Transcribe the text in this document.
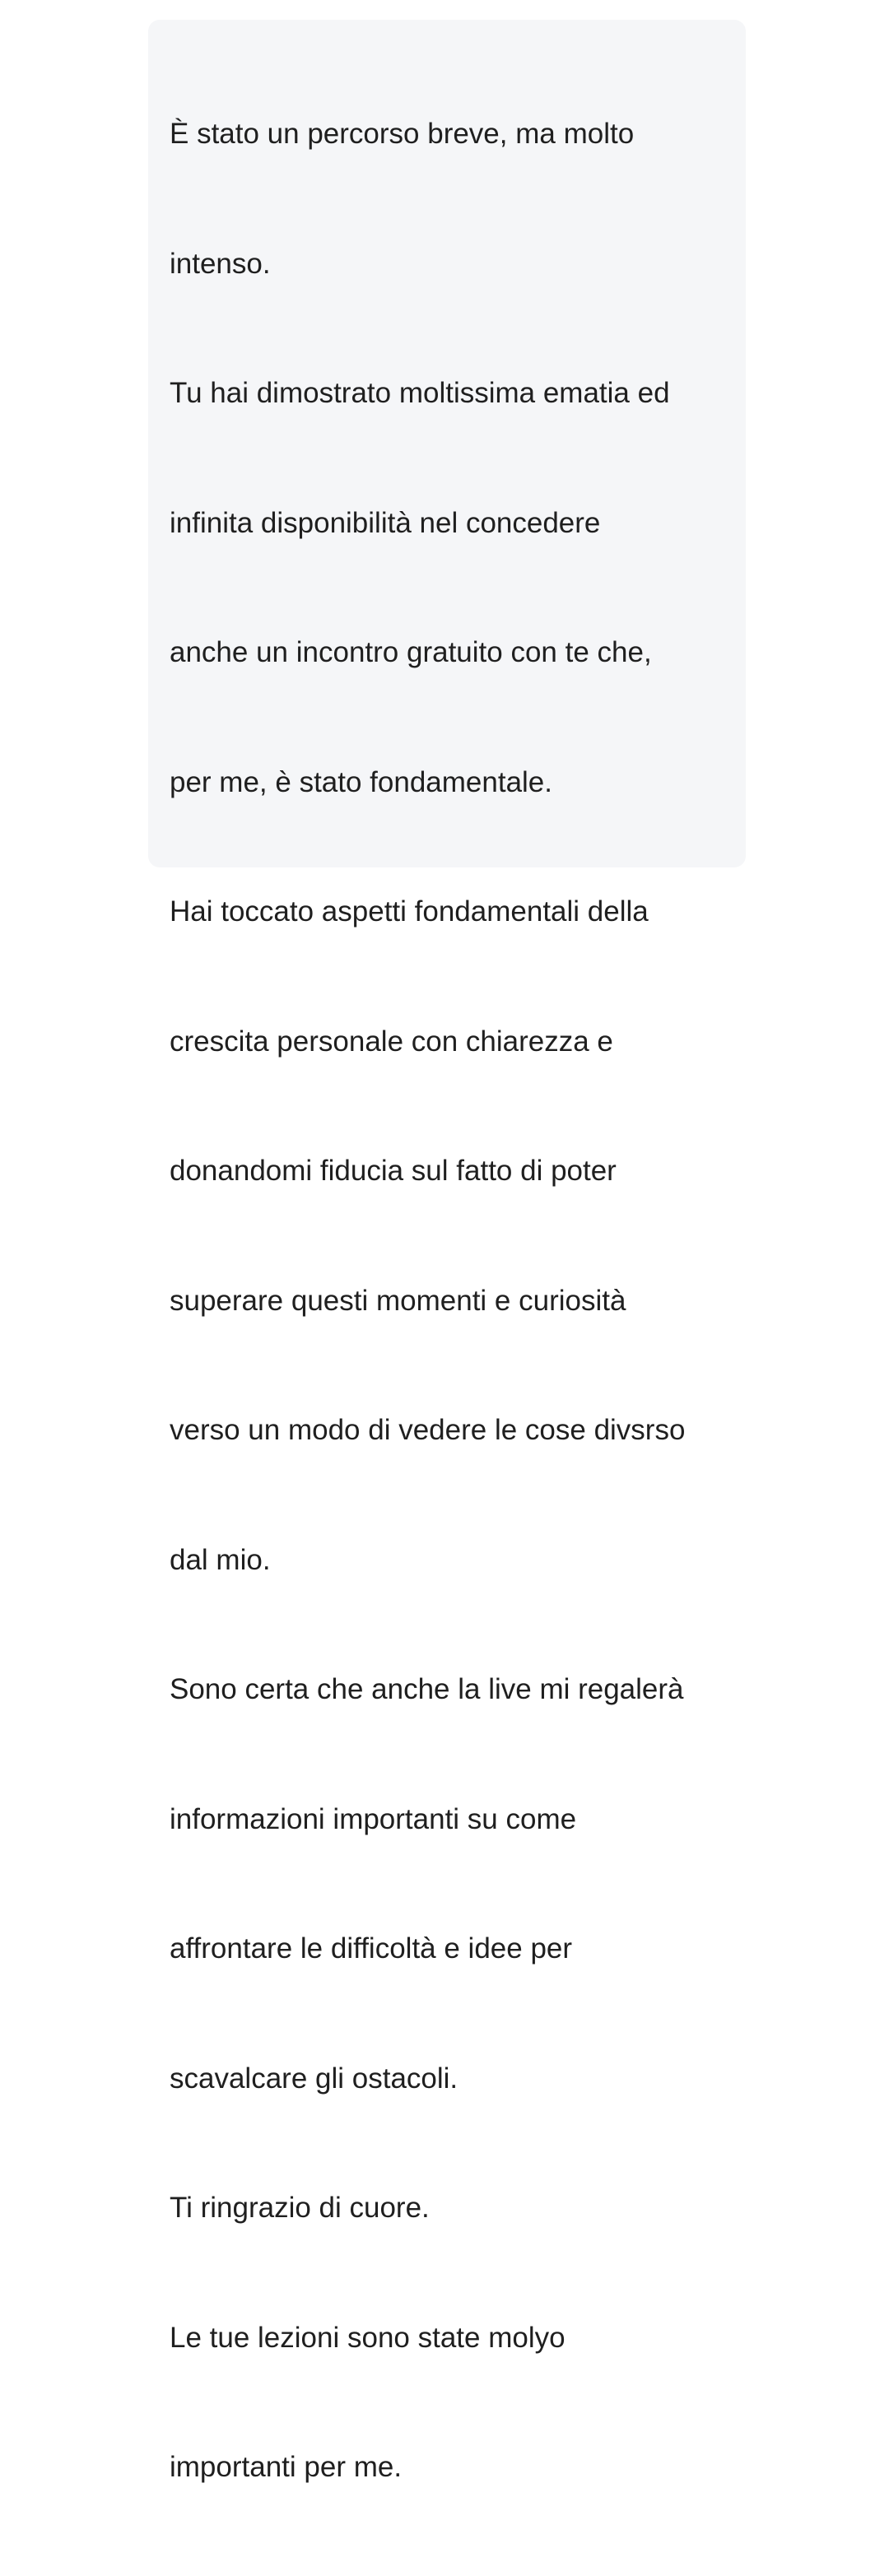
È stato un percorso breve, ma molto

intenso.

Tu hai dimostrato moltissima ematia ed

infinita disponibilità nel concedere

anche un incontro gratuito con te che,

per me, è stato fondamentale.

Hai toccato aspetti fondamentali della

crescita personale con chiarezza e

donandomi fiducia sul fatto di poter

superare questi momenti e curiosità

verso un modo di vedere le cose divsrso

dal mio.

Sono certa che anche la live mi regalerà

informazioni importanti su come

affrontare le difficoltà e idee per

scavalcare gli ostacoli.

Ti ringrazio di cuore.

Le tue lezioni sono state molyo

importanti per me.
